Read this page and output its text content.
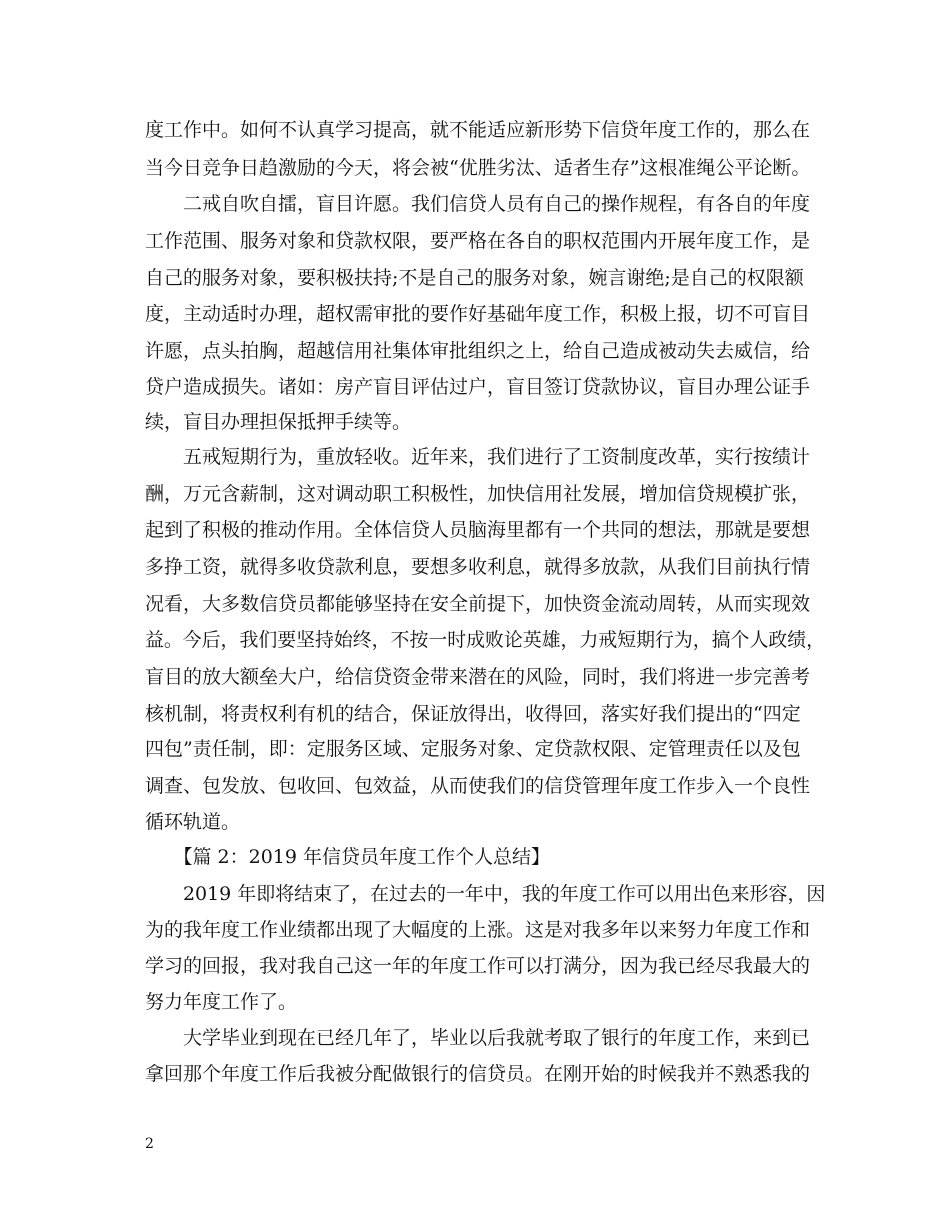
度工作中。如何不认真学习提高，就不能适应新形势下信贷年度工作的，那么在
当今日竞争日趋激励的今天，将会被“优胜劣汰、适者生存”这根准绳公平论断。
　　二戒自吹自擂，盲目许愿。我们信贷人员有自己的操作规程，有各自的年度
工作范围、服务对象和贷款权限，要严格在各自的职权范围内开展年度工作，是
自己的服务对象，要积极扶持;不是自己的服务对象，婉言谢绝;是自己的权限额
度，主动适时办理，超权需审批的要作好基础年度工作，积极上报，切不可盲目
许愿，点头拍胸，超越信用社集体审批组织之上，给自己造成被动失去威信，给
贷户造成损失。诸如：房产盲目评估过户，盲目签订贷款协议，盲目办理公证手
续，盲目办理担保抵押手续等。
　　五戒短期行为，重放轻收。近年来，我们进行了工资制度改革，实行按绩计
酬，万元含薪制，这对调动职工积极性，加快信用社发展，增加信贷规模扩张，
起到了积极的推动作用。全体信贷人员脑海里都有一个共同的想法，那就是要想
多挣工资，就得多收贷款利息，要想多收利息，就得多放款，从我们目前执行情
况看，大多数信贷员都能够坚持在安全前提下，加快资金流动周转，从而实现效
益。今后，我们要坚持始终，不按一时成败论英雄，力戒短期行为，搞个人政绩，
盲目的放大额垒大户，给信贷资金带来潜在的风险，同时，我们将进一步完善考
核机制，将责权利有机的结合，保证放得出，收得回，落实好我们提出的“四定
四包”责任制，即：定服务区域、定服务对象、定贷款权限、定管理责任以及包
调查、包发放、包收回、包效益，从而使我们的信贷管理年度工作步入一个良性
循环轨道。
　　【篇 2：2019 年信贷员年度工作个人总结】
　　2019 年即将结束了，在过去的一年中，我的年度工作可以用出色来形容，因
为的我年度工作业绩都出现了大幅度的上涨。这是对我多年以来努力年度工作和
学习的回报，我对我自己这一年的年度工作可以打满分，因为我已经尽我最大的
努力年度工作了。
　　大学毕业到现在已经几年了，毕业以后我就考取了银行的年度工作，来到已
拿回那个年度工作后我被分配做银行的信贷员。在刚开始的时候我并不熟悉我的
2
